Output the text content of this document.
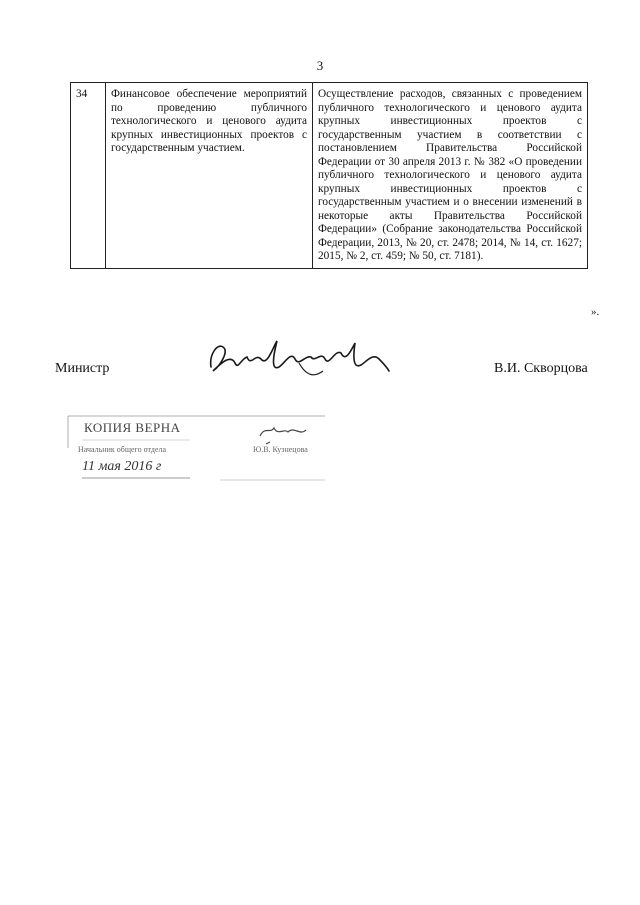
3
34	Финансовое обеспечение мероприятий по проведению публичного технологического и ценового аудита крупных инвестиционных проектов с государственным участием.	Осуществление расходов, связанных с проведением публичного технологического и ценового аудита крупных инвестиционных проектов с государственным участием в соответствии с постановлением Правительства Российской Федерации от 30 апреля 2013 г. № 382 «О проведении публичного технологического и ценового аудита крупных инвестиционных проектов с государственным участием и о внесении изменений в некоторые акты Правительства Российской Федерации» (Собрание законодательства Российской Федерации, 2013, № 20, ст. 2478; 2014, № 14, ст. 1627; 2015, № 2, ст. 459; № 50, ст. 7181).
».
Министр	В.И. Скворцова
КОПИЯ ВЕРНА
Начальник общего отдела	Ю.В. Кузнецова
11 мая 2016 г
